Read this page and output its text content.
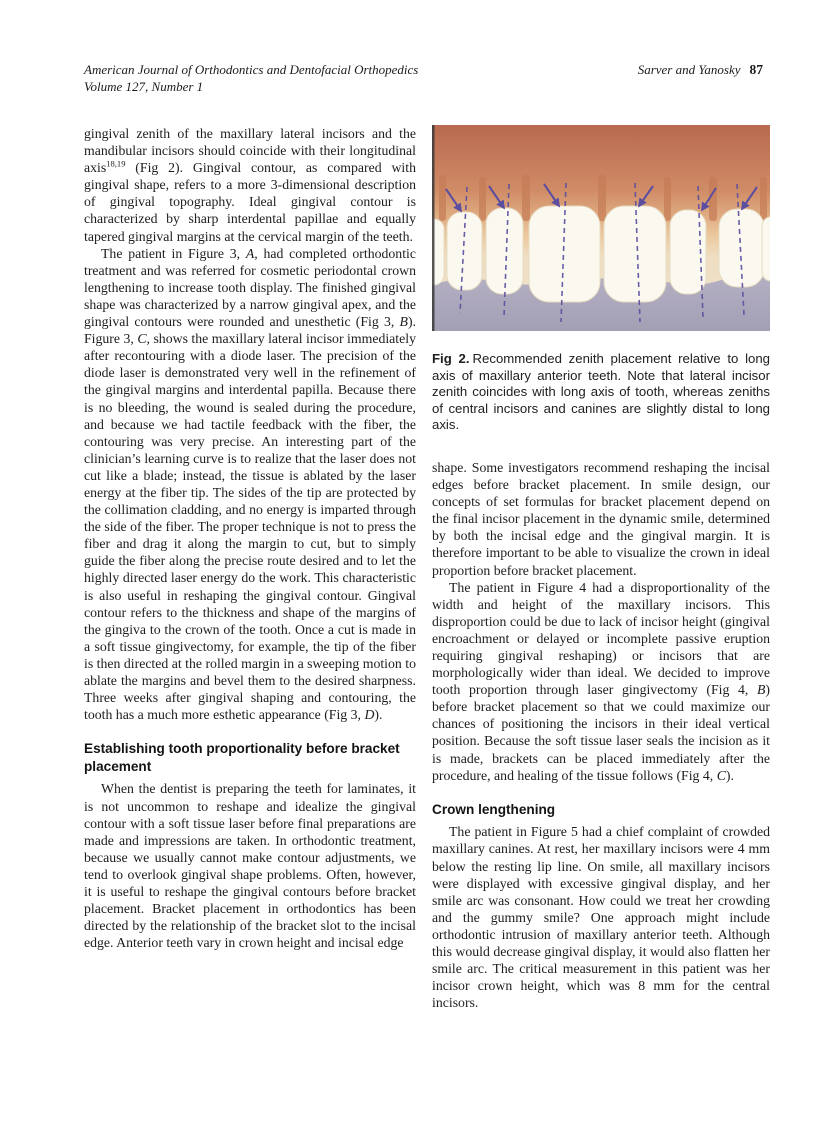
American Journal of Orthodontics and Dentofacial Orthopedics
Volume 127, Number 1
Sarver and Yanosky 87

gingival zenith of the maxillary lateral incisors and the mandibular incisors should coincide with their longitudinal axis$^{18,19}$ (Fig 2). Gingival contour, as compared with gingival shape, refers to a more 3-dimensional description of gingival topography. Ideal gingival contour is characterized by sharp interdental papillae and equally tapered gingival margins at the cervical margin of the teeth.

The patient in Figure 3, A, had completed orthodontic treatment and was referred for cosmetic periodontal crown lengthening to increase tooth display. The finished gingival shape was characterized by a narrow gingival apex, and the gingival contours were rounded and unesthetic (Fig 3, B). Figure 3, C, shows the maxillary lateral incisor immediately after recontouring with a diode laser. The precision of the diode laser is demonstrated very well in the refinement of the gingival margins and interdental papilla. Because there is no bleeding, the wound is sealed during the procedure, and because we had tactile feedback with the fiber, the contouring was very precise. An interesting part of the clinician’s learning curve is to realize that the laser does not cut like a blade; instead, the tissue is ablated by the laser energy at the fiber tip. The sides of the tip are protected by the collimation cladding, and no energy is imparted through the side of the fiber. The proper technique is not to press the fiber and drag it along the margin to cut, but to simply guide the fiber along the precise route desired and to let the highly directed laser energy do the work. This characteristic is also useful in reshaping the gingival contour. Gingival contour refers to the thickness and shape of the margins of the gingiva to the crown of the tooth. Once a cut is made in a soft tissue gingivectomy, for example, the tip of the fiber is then directed at the rolled margin in a sweeping motion to ablate the margins and bevel them to the desired sharpness. Three weeks after gingival shaping and contouring, the tooth has a much more esthetic appearance (Fig 3, D).

Establishing tooth proportionality before bracket placement

When the dentist is preparing the teeth for laminates, it is not uncommon to reshape and idealize the gingival contour with a soft tissue laser before final preparations are made and impressions are taken. In orthodontic treatment, because we usually cannot make contour adjustments, we tend to overlook gingival shape problems. Often, however, it is useful to reshape the gingival contours before bracket placement. Bracket placement in orthodontics has been directed by the relationship of the bracket slot to the incisal edge. Anterior teeth vary in crown height and incisal edge

Fig 2. Recommended zenith placement relative to long axis of maxillary anterior teeth. Note that lateral incisor zenith coincides with long axis of tooth, whereas zeniths of central incisors and canines are slightly distal to long axis.

shape. Some investigators recommend reshaping the incisal edges before bracket placement. In smile design, our concepts of set formulas for bracket placement depend on the final incisor placement in the dynamic smile, determined by both the incisal edge and the gingival margin. It is therefore important to be able to visualize the crown in ideal proportion before bracket placement.

The patient in Figure 4 had a disproportionality of the width and height of the maxillary incisors. This disproportion could be due to lack of incisor height (gingival encroachment or delayed or incomplete passive eruption requiring gingival reshaping) or incisors that are morphologically wider than ideal. We decided to improve tooth proportion through laser gingivectomy (Fig 4, B) before bracket placement so that we could maximize our chances of positioning the incisors in their ideal vertical position. Because the soft tissue laser seals the incision as it is made, brackets can be placed immediately after the procedure, and healing of the tissue follows (Fig 4, C).

Crown lengthening

The patient in Figure 5 had a chief complaint of crowded maxillary canines. At rest, her maxillary incisors were 4 mm below the resting lip line. On smile, all maxillary incisors were displayed with excessive gingival display, and her smile arc was consonant. How could we treat her crowding and the gummy smile? One approach might include orthodontic intrusion of maxillary anterior teeth. Although this would decrease gingival display, it would also flatten her smile arc. The critical measurement in this patient was her incisor crown height, which was 8 mm for the central incisors.
